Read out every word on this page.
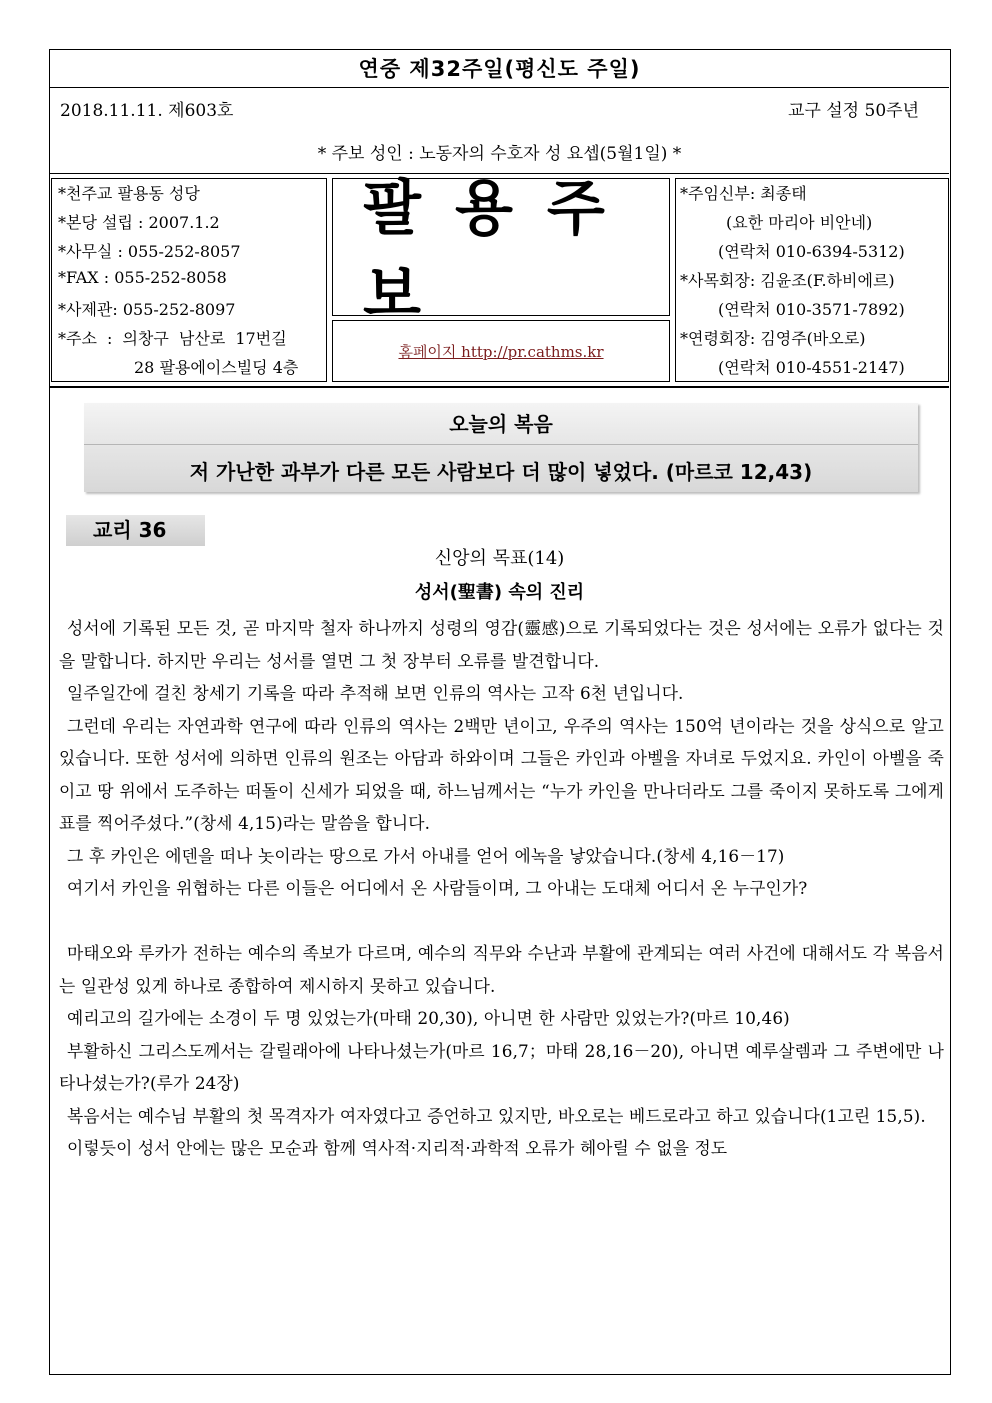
연중 제32주일(평신도 주일)
2018.11.11. 제603호	교구 설정 50주년
* 주보 성인 : 노동자의 수호자 성 요셉(5월1일) *
*천주교 팔용동 성당
*본당 설립 : 2007.1.2
*사무실 : 055-252-8057
*FAX : 055-252-8058
*사제관: 055-252-8097
*주소 : 의창구 남산로 17번길
28 팔용에이스빌딩 4층
팔용주보
홈페이지 http://pr.cathms.kr
*주임신부: 최종태
(요한 마리아 비안네)
(연락처 010-6394-5312)
*사목회장: 김윤조(F.하비에르)
(연락처 010-3571-7892)
*연령회장: 김영주(바오로)
(연락처 010-4551-2147)
오늘의 복음
저 가난한 과부가 다른 모든 사람보다 더 많이 넣었다. (마르코 12,43)
교리 36
신앙의 목표(14)
성서(聖書) 속의 진리

성서에 기록된 모든 것, 곧 마지막 철자 하나까지 성령의 영감(靈感)으로 기록되었다는 것은 성서에는 오류가 없다는 것을 말합니다. 하지만 우리는 성서를 열면 그 첫 장부터 오류를 발견합니다.

일주일간에 걸친 창세기 기록을 따라 추적해 보면 인류의 역사는 고작 6천 년입니다.

그런데 우리는 자연과학 연구에 따라 인류의 역사는 2백만 년이고, 우주의 역사는 150억 년이라는 것을 상식으로 알고 있습니다. 또한 성서에 의하면 인류의 원조는 아담과 하와이며 그들은 카인과 아벨을 자녀로 두었지요. 카인이 아벨을 죽이고 땅 위에서 도주하는 떠돌이 신세가 되었을 때, 하느님께서는 “누가 카인을 만나더라도 그를 죽이지 못하도록 그에게 표를 찍어주셨다.”(창세 4,15)라는 말씀을 합니다.

그 후 카인은 에덴을 떠나 놋이라는 땅으로 가서 아내를 얻어 에녹을 낳았습니다.(창세 4,16－17)

여기서 카인을 위협하는 다른 이들은 어디에서 온 사람들이며, 그 아내는 도대체 어디서 온 누구인가?

마태오와 루카가 전하는 예수의 족보가 다르며, 예수의 직무와 수난과 부활에 관계되는 여러 사건에 대해서도 각 복음서는 일관성 있게 하나로 종합하여 제시하지 못하고 있습니다.

예리고의 길가에는 소경이 두 명 있었는가(마태 20,30), 아니면 한 사람만 있었는가?(마르 10,46)

부활하신 그리스도께서는 갈릴래아에 나타나셨는가(마르 16,7；마태 28,16－20), 아니면 예루살렘과 그 주변에만 나타나셨는가?(루가 24장)

복음서는 예수님 부활의 첫 목격자가 여자였다고 증언하고 있지만, 바오로는 베드로라고 하고 있습니다(1고린 15,5).

이렇듯이 성서 안에는 많은 모순과 함께 역사적·지리적·과학적 오류가 헤아릴 수 없을 정도
